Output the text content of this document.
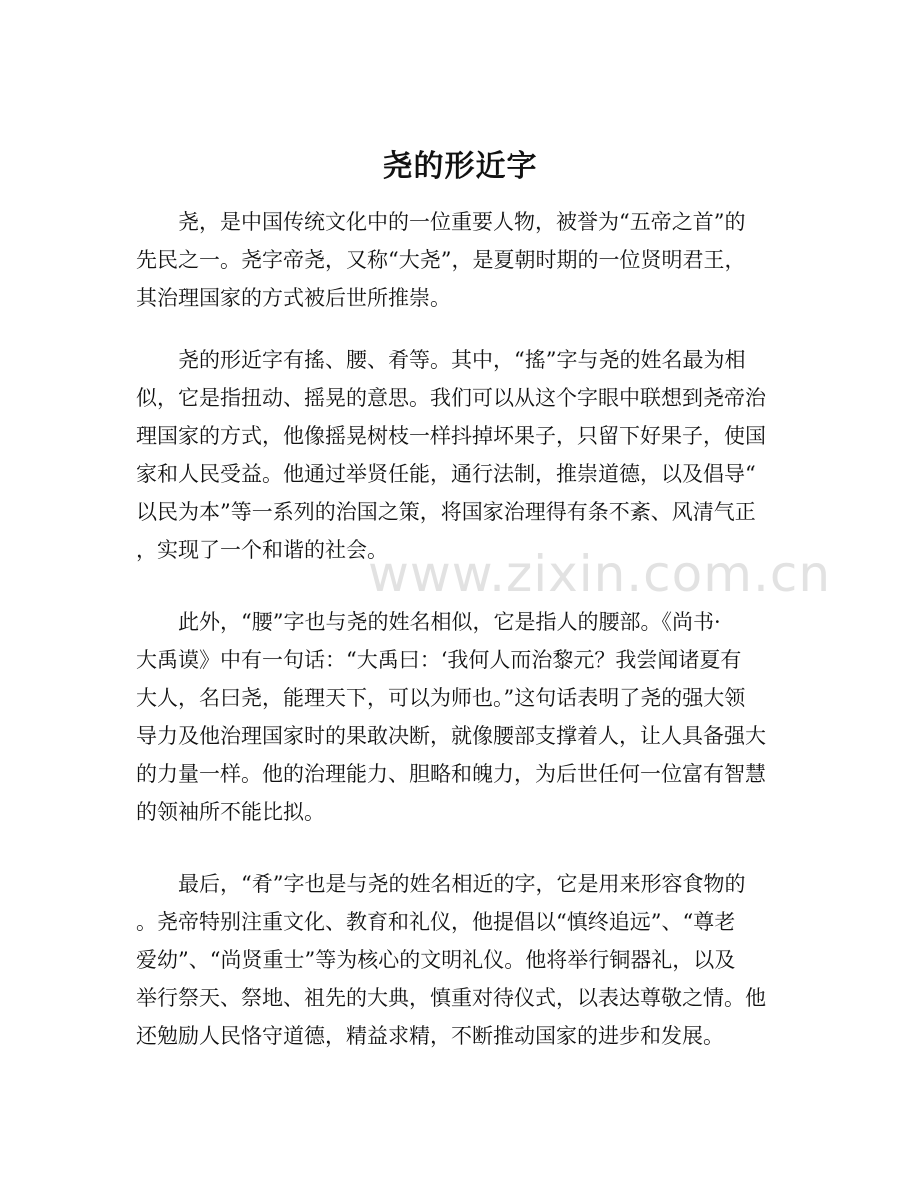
尧的形近字
　　尧，是中国传统文化中的一位重要人物，被誉为“五帝之首”的
先民之一。尧字帝尧，又称“大尧”，是夏朝时期的一位贤明君王，
其治理国家的方式被后世所推崇。
　　尧的形近字有搖、腰、肴等。其中，“搖”字与尧的姓名最为相
似，它是指扭动、摇晃的意思。我们可以从这个字眼中联想到尧帝治
理国家的方式，他像摇晃树枝一样抖掉坏果子，只留下好果子，使国
家和人民受益。他通过举贤任能，通行法制，推崇道德，以及倡导“
以民为本”等一系列的治国之策，将国家治理得有条不紊、风清气正
，实现了一个和谐的社会。
　　此外，“腰”字也与尧的姓名相似，它是指人的腰部。《尚书·
大禹谟》中有一句话：“大禹曰：‘我何人而治黎元？我尝闻诸夏有
大人，名曰尧，能理天下，可以为师也。”这句话表明了尧的强大领
导力及他治理国家时的果敢决断，就像腰部支撑着人，让人具备强大
的力量一样。他的治理能力、胆略和魄力，为后世任何一位富有智慧
的领袖所不能比拟。
　　最后，“肴”字也是与尧的姓名相近的字，它是用来形容食物的
。尧帝特别注重文化、教育和礼仪，他提倡以“慎终追远”、“尊老
爱幼”、“尚贤重士”等为核心的文明礼仪。他将举行铜器礼，以及
举行祭天、祭地、祖先的大典，慎重对待仪式，以表达尊敬之情。他
还勉励人民恪守道德，精益求精，不断推动国家的进步和发展。
www.zixin.com.cn
